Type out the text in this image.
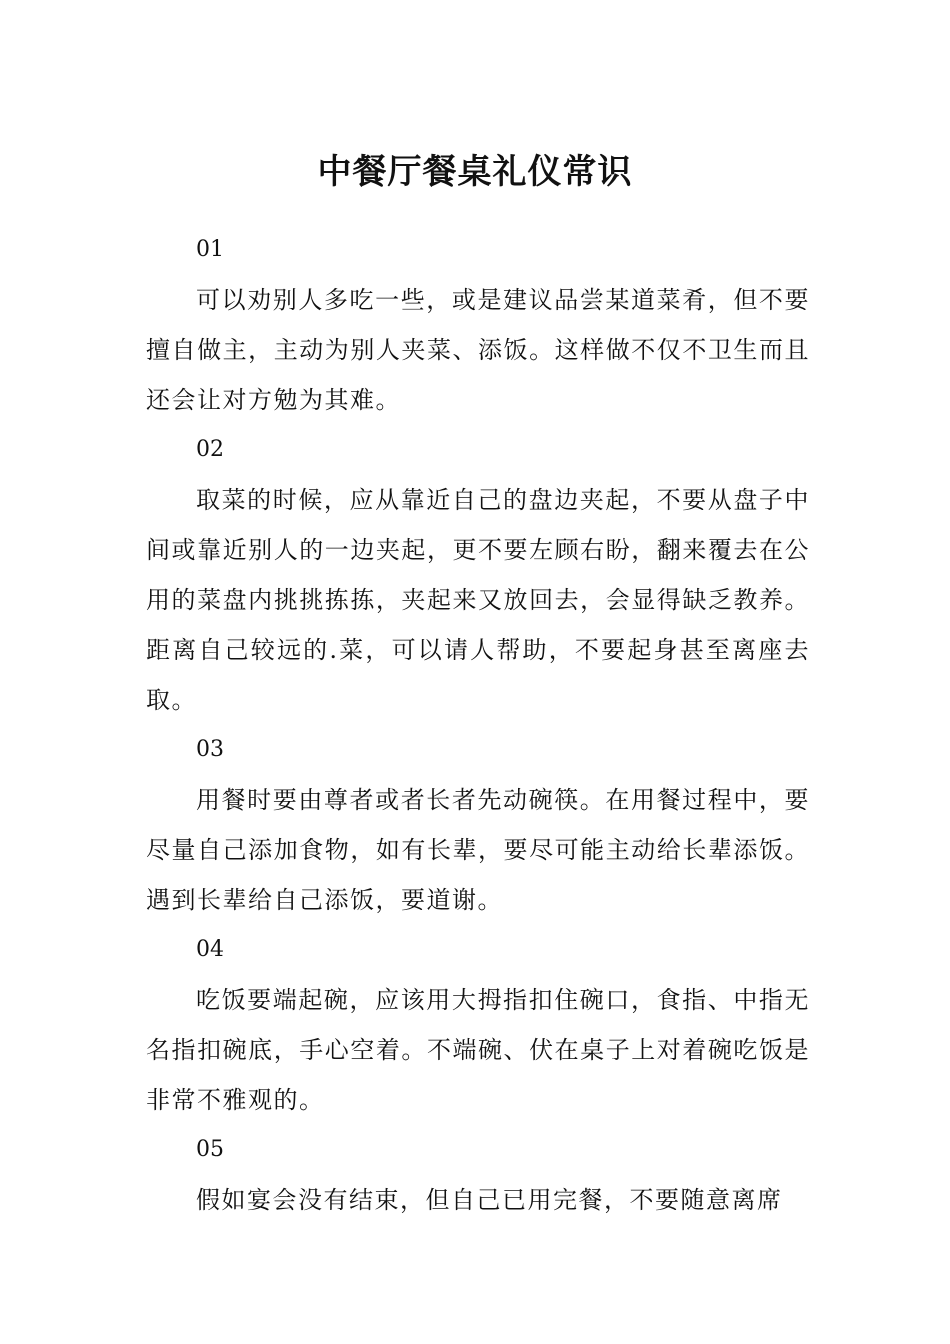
中餐厅餐桌礼仪常识

01

可以劝别人多吃一些，或是建议品尝某道菜肴，但不要擅自做主，主动为别人夹菜、添饭。这样做不仅不卫生而且还会让对方勉为其难。

02

取菜的时候，应从靠近自己的盘边夹起，不要从盘子中间或靠近别人的一边夹起，更不要左顾右盼，翻来覆去在公用的菜盘内挑挑拣拣，夹起来又放回去，会显得缺乏教养。距离自己较远的.菜，可以请人帮助，不要起身甚至离座去取。

03

用餐时要由尊者或者长者先动碗筷。在用餐过程中，要尽量自己添加食物，如有长辈，要尽可能主动给长辈添饭。遇到长辈给自己添饭，要道谢。

04

吃饭要端起碗，应该用大拇指扣住碗口，食指、中指无名指扣碗底，手心空着。不端碗、伏在桌子上对着碗吃饭是非常不雅观的。

05

假如宴会没有结束，但自己已用完餐，不要随意离席
